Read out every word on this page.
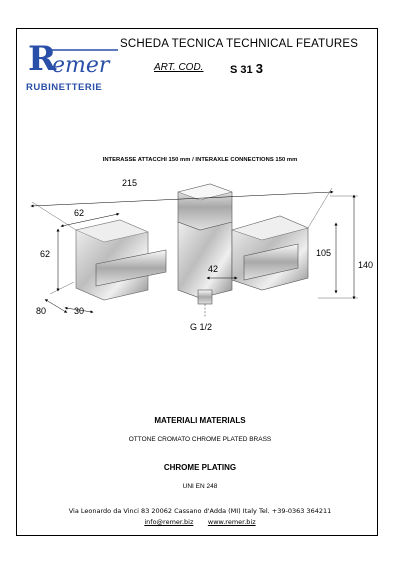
R
emer
RUBINETTERIE
SCHEDA TECNICA TECHNICAL FEATURES
ART. COD. S 31 3
INTERASSE ATTACCHI 150 mm / INTERAXLE CONNECTIONS 150 mm
215
62
62
140
105
42
80	30
G 1/2
MATERIALI MATERIALS
OTTONE CROMATO CHROME PLATED BRASS
CHROME PLATING
UNI EN 248
Via Leonardo da Vinci 83 20062 Cassano d'Adda (MI) Italy Tel. +39-0363 364211
info@remer.biz www.remer.biz
